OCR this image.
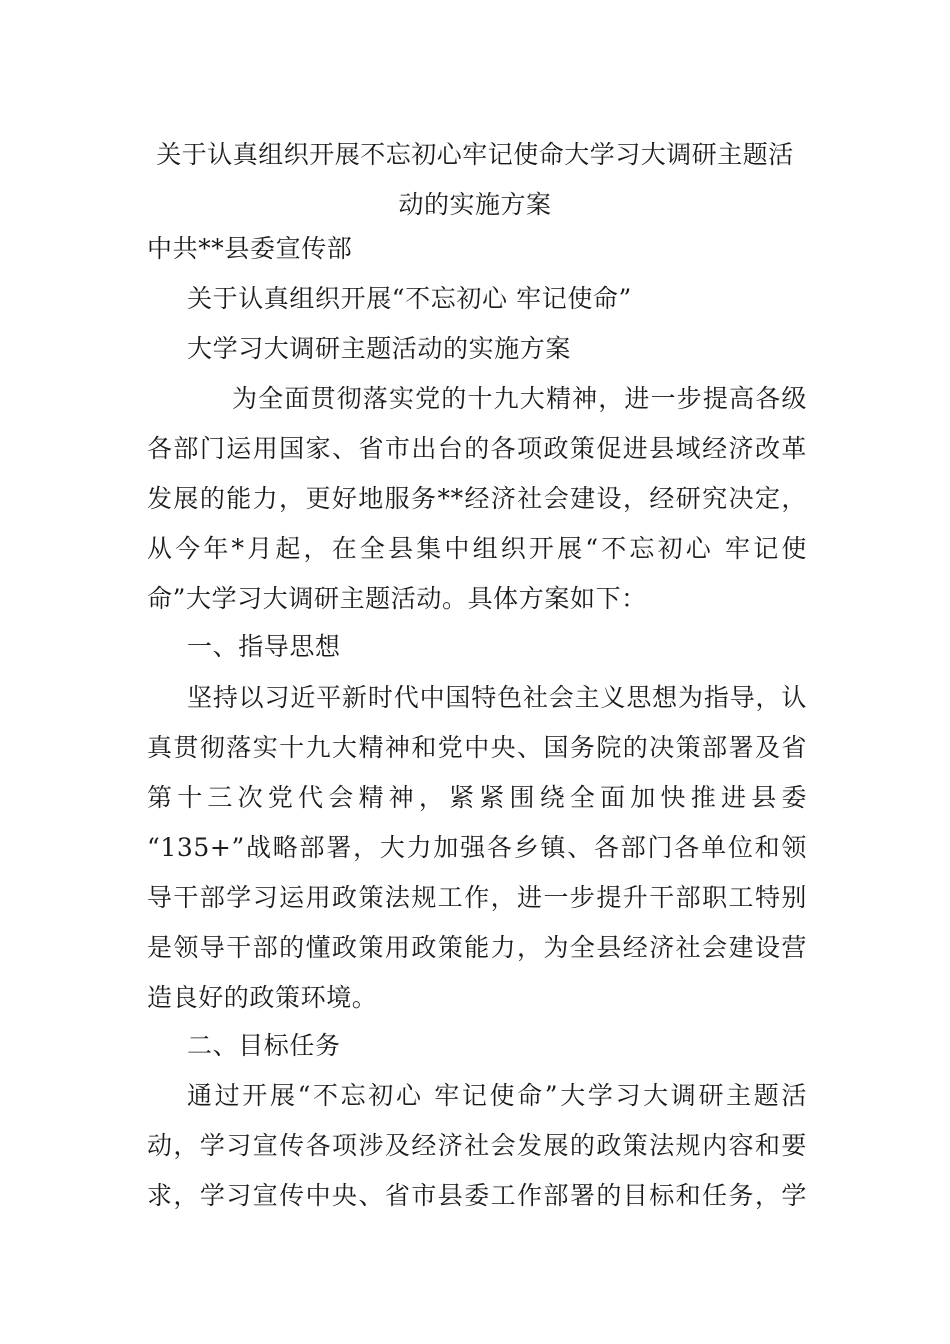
关于认真组织开展不忘初心牢记使命大学习大调研主题活
动的实施方案
中共**县委宣传部
关于认真组织开展“不忘初心 牢记使命”
大学习大调研主题活动的实施方案
为全面贯彻落实党的十九大精神，进一步提高各级
各部门运用国家、省市出台的各项政策促进县域经济改革
发展的能力，更好地服务**经济社会建设，经研究决定，
从今年*月起，在全县集中组织开展“不忘初心 牢记使
命”大学习大调研主题活动。具体方案如下：
一、指导思想
坚持以习近平新时代中国特色社会主义思想为指导，认
真贯彻落实十九大精神和党中央、国务院的决策部署及省
第十三次党代会精神，紧紧围绕全面加快推进县委
“135+”战略部署，大力加强各乡镇、各部门各单位和领
导干部学习运用政策法规工作，进一步提升干部职工特别
是领导干部的懂政策用政策能力，为全县经济社会建设营
造良好的政策环境。
二、目标任务
通过开展“不忘初心 牢记使命”大学习大调研主题活
动，学习宣传各项涉及经济社会发展的政策法规内容和要
求，学习宣传中央、省市县委工作部署的目标和任务，学
